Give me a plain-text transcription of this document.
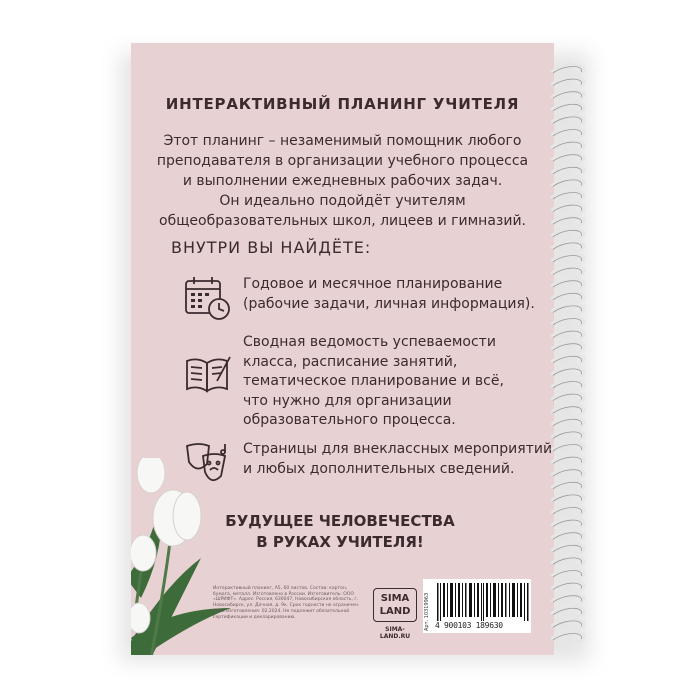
ИНТЕРАКТИВНЫЙ ПЛАНИНГ УЧИТЕЛЯ
Этот планинг – незаменимый помощник любого
преподавателя в организации учебного процесса
и выполнении ежедневных рабочих задач.
Он идеально подойдёт учителям
общеобразовательных школ, лицеев и гимназий.
ВНУТРИ ВЫ НАЙДЁТЕ:
Годовое и месячное планирование
(рабочие задачи, личная информация).
Сводная ведомость успеваемости
класса, расписание занятий,
тематическое планирование и всё,
что нужно для организации
образовательного процесса.
Страницы для внеклассных мероприятий
и любых дополнительных сведений.
БУДУЩЕЕ ЧЕЛОВЕЧЕСТВА
В РУКАХ УЧИТЕЛЯ!
Интерактивный планинг, А5, 60 листов. Состав: картон, бумага, металл. Изготовлено в России. Изготовитель: ООО «ШРИФТ». Адрес: Россия, 630047, Новосибирская область, г. Новосибирск, ул. Дачная, д. 9к. Срок годности не ограничен. Дата изготовления: 02.2024. Не подлежит обязательной сертификации и декларированию.
SIMA
LAND
SIMA-LAND.RU
Арт. 10319963 4 900103 189630
